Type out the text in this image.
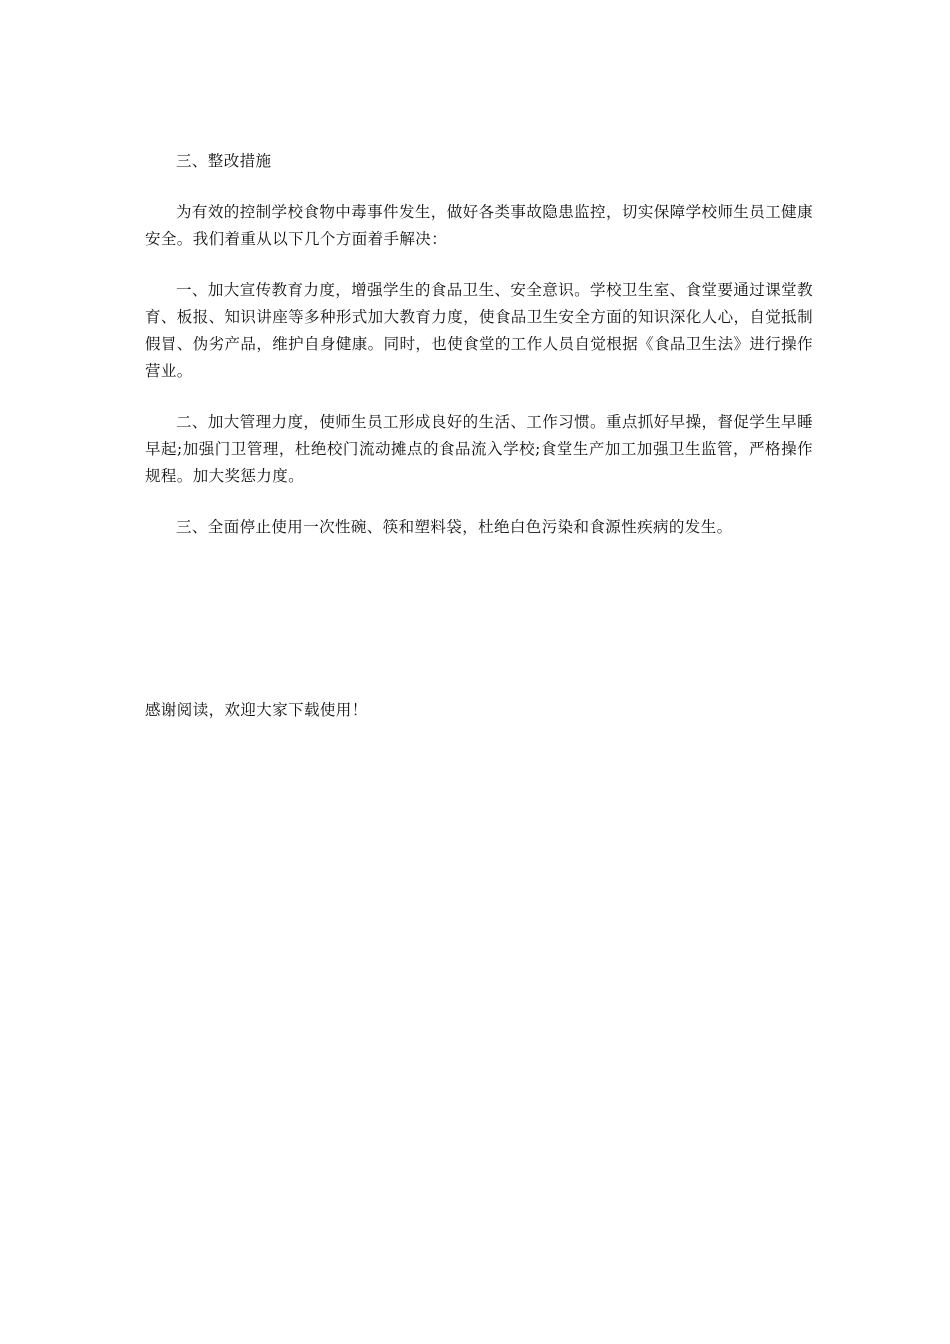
三、整改措施

为有效的控制学校食物中毒事件发生，做好各类事故隐患监控，切实保障学校师生员工健康安全。我们着重从以下几个方面着手解决：

一、加大宣传教育力度，增强学生的食品卫生、安全意识。学校卫生室、食堂要通过课堂教育、板报、知识讲座等多种形式加大教育力度，使食品卫生安全方面的知识深化人心，自觉抵制假冒、伪劣产品，维护自身健康。同时，也使食堂的工作人员自觉根据《食品卫生法》进行操作营业。

二、加大管理力度，使师生员工形成良好的生活、工作习惯。重点抓好早操，督促学生早睡早起;加强门卫管理，杜绝校门流动摊点的食品流入学校;食堂生产加工加强卫生监管，严格操作规程。加大奖惩力度。

三、全面停止使用一次性碗、筷和塑料袋，杜绝白色污染和食源性疾病的发生。

感谢阅读，欢迎大家下载使用！
